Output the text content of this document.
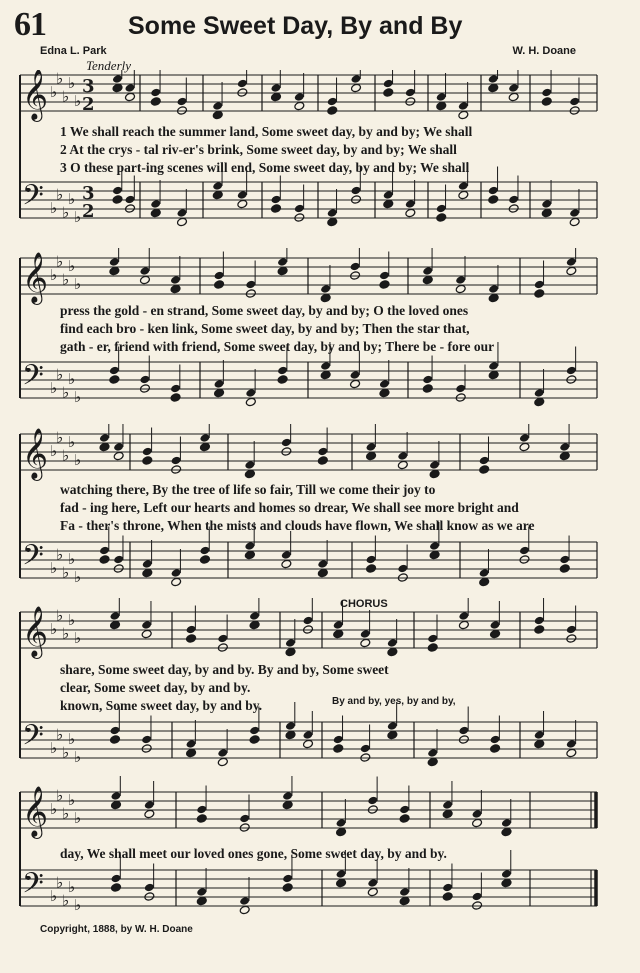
61	Some Sweet Day, By and By
Edna L. Park	W. H. Doane
Tenderly
𝄞 ♭
♭
♭
♭
♭
3
2
𝄢 ♭
♭
♭
♭
♭
3
2
1 We shall reach the summer land, Some sweet day, by and by; We shall
2 At the crys - tal riv-er's brink, Some sweet day, by and by; We shall
3 O these part-ing scenes will end, Some sweet day, by and by; We shall
𝄞 ♭
♭
♭
♭
♭
𝄢 ♭
♭
♭
♭
♭
press the gold - en strand, Some sweet day, by and by; O the loved ones
find each bro - ken link, Some sweet day, by and by; Then the star that,
gath - er, friend with friend, Some sweet day, by and by; There be - fore our
𝄞 ♭
♭
♭
♭
♭
𝄢 ♭
♭
♭
♭
♭
watching there, By the tree of life so fair, Till we come their joy to
fad - ing here, Left our hearts and homes so drear, We shall see more bright and
Fa - ther's throne, When the mists and clouds have flown, We shall know as we are
CHORUS
𝄞 ♭
♭
♭
♭
♭
𝄢 ♭
♭
♭
♭
♭
share, Some sweet day, by and by. By and by, Some sweet
clear, Some sweet day, by and by.
known, Some sweet day, by and by.	By and by, yes, by and by,
𝄞 ♭
♭
♭
♭
♭
𝄢 ♭
♭
♭
♭
♭
day, We shall meet our loved ones gone, Some sweet day, by and by.
Copyright, 1888, by W. H. Doane
